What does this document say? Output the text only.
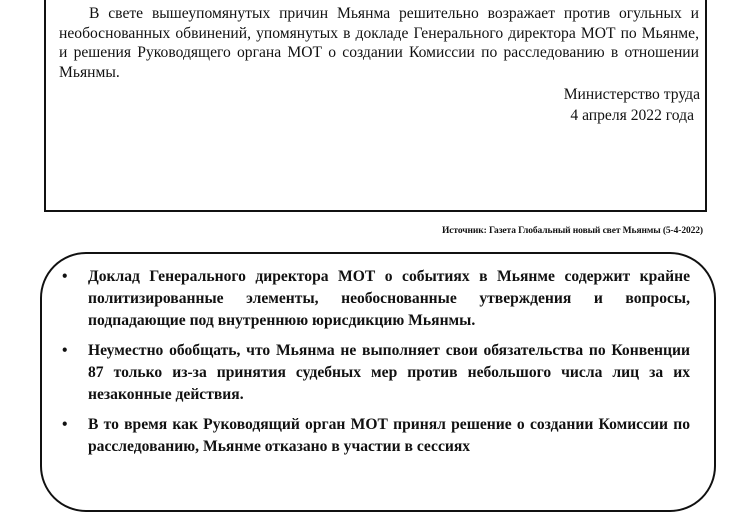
В свете вышеупомянутых причин Мьянма решительно возражает против огульных и необоснованных обвинений, упомянутых в докладе Генерального директора МОТ по Мьянме, и решения Руководящего органа МОТ о создании Комиссии по расследованию в отношении Мьянмы.

Министерство труда
4 апреля 2022 года
Источник: Газета Глобальный новый свет Мьянмы (5-4-2022)
• Доклад Генерального директора МОТ о событиях в Мьянме содержит крайне политизированные элементы, необоснованные утверждения и вопросы, подпадающие под внутреннюю юрисдикцию Мьянмы.
• Неуместно обобщать, что Мьянма не выполняет свои обязательства по Конвенции 87 только из-за принятия судебных мер против небольшого числа лиц за их незаконные действия.
• В то время как Руководящий орган МОТ принял решение о создании Комиссии по расследованию, Мьянме отказано в участии в сессиях
